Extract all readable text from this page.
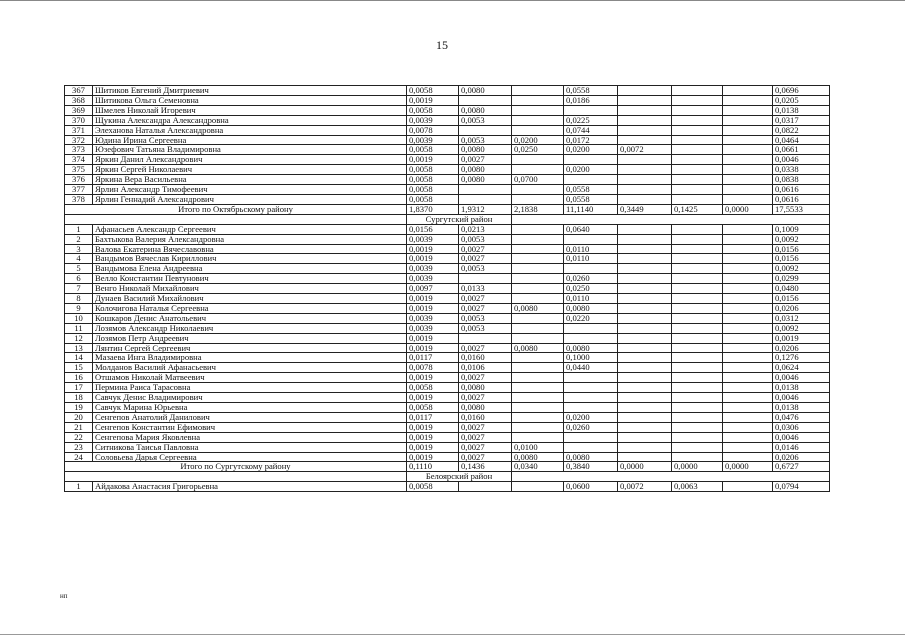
15
367	Шитиков Евгений Дмитриевич	0,0058	0,0080		0,0558				0,0696
368	Шитикова Ольга Семеновна	0,0019			0,0186				0,0205
369	Шмелев Николай Игоревич	0,0058	0,0080						0,0138
370	Щукина Александра Александровна	0,0039	0,0053		0,0225				0,0317
371	Элеханова Наталья Александровна	0,0078			0,0744				0,0822
372	Юдина Ирина Сергеевна	0,0039	0,0053	0,0200	0,0172				0,0464
373	Юзефович Татьяна Владимировна	0,0058	0,0080	0,0250	0,0200	0,0072			0,0661
374	Яркин Данил Александрович	0,0019	0,0027						0,0046
375	Яркин Сергей Николаевич	0,0058	0,0080		0,0200				0,0338
376	Яркина Вера Васильевна	0,0058	0,0080	0,0700					0,0838
377	Ярлин Александр Тимофеевич	0,0058			0,0558				0,0616
378	Ярлин Геннадий Александрович	0,0058			0,0558				0,0616
Итого по Октябрьскому району		1,8370	1,9312	2,1838	11,1140	0,3449	0,1425	0,0000	17,5533
		Сургутский район							
1	Афанасьев Александр Сергеевич	0,0156	0,0213		0,0640				0,1009
2	Бахтыкова Валерия Александровна	0,0039	0,0053						0,0092
3	Валова Екатерина Вячеславовна	0,0019	0,0027		0,0110				0,0156
4	Вандымов Вячеслав Кириллович	0,0019	0,0027		0,0110				0,0156
5	Вандымова Елена Андреевна	0,0039	0,0053						0,0092
6	Велло Константин Певтунович	0,0039			0,0260				0,0299
7	Венго Николай Михайлович	0,0097	0,0133		0,0250				0,0480
8	Дунаев Василий Михайлович	0,0019	0,0027		0,0110				0,0156
9	Колочигова Наталья Сергеевна	0,0019	0,0027	0,0080	0,0080				0,0206
10	Кошкаров Денис Анатольевич	0,0039	0,0053		0,0220				0,0312
11	Лозямов Александр Николаевич	0,0039	0,0053						0,0092
12	Лозямов Петр Андреевич	0,0019							0,0019
13	Лянтин Сергей Сергеевич	0,0019	0,0027	0,0080	0,0080				0,0206
14	Мазаева Инга Владимировна	0,0117	0,0160		0,1000				0,1276
15	Молданов Василий Афанасьевич	0,0078	0,0106		0,0440				0,0624
16	Отшамов Николай Матвеевич	0,0019	0,0027						0,0046
17	Пермина Раиса Тарасовна	0,0058	0,0080						0,0138
18	Савчук Денис Владимирович	0,0019	0,0027						0,0046
19	Савчук Марина Юрьевна	0,0058	0,0080						0,0138
20	Сенгепов Анатолий Данилович	0,0117	0,0160		0,0200				0,0476
21	Сенгепов Константин Ефимович	0,0019	0,0027		0,0260				0,0306
22	Сенгепова Мария Яковлевна	0,0019	0,0027						0,0046
23	Ситникова Таисья Павловна	0,0019	0,0027	0,0100					0,0146
24	Соловьева Дарья Сергеевна	0,0019	0,0027	0,0080	0,0080				0,0206
Итого по Сургутскому району		0,1110	0,1436	0,0340	0,3840	0,0000	0,0000	0,0000	0,6727
		Белоярский район							
1	Айдакова Анастасия Григорьевна	0,0058			0,0600	0,0072	0,0063		0,0794
нп
